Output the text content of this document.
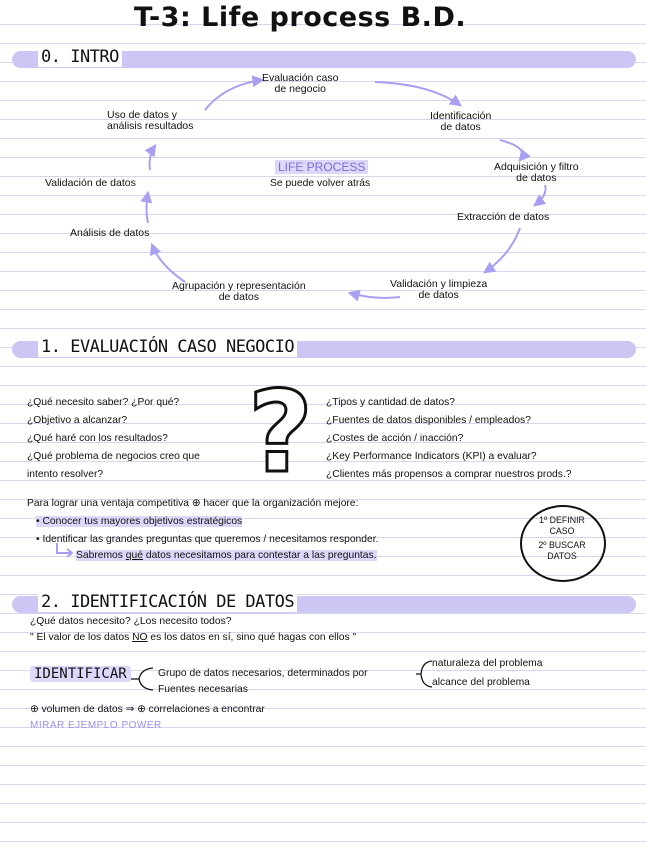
T-3: Life process B.D.
0. INTRO
Evaluación caso
de negocio
Identificación
de datos
Adquisición y filtro
de datos
Extracción de datos
Validación y limpieza
de datos
Agrupación y representación
de datos
Análisis de datos
Validación de datos
Uso de datos y
análisis resultados
LIFE PROCESS
Se puede volver atrás
1. EVALUACIÓN CASO NEGOCIO
¿Qué necesito saber? ¿Por qué?
¿Objetivo a alcanzar?
¿Qué haré con los resultados?
¿Qué problema de negocios creo que
intento resolver?	? ¿Tipos y cantidad de datos?
¿Fuentes de datos disponibles / empleados?
¿Costes de acción / inacción?
¿Key Performance Indicators (KPI) a evaluar?
¿Clientes más propensos a comprar nuestros prods.?
Para lograr una ventaja competitiva ⊕ hacer que la organización mejore:
• Conocer tus mayores objetivos estratégicos
• Identificar las grandes preguntas que queremos / necesitamos responder.
Sabremos qué datos necesitamos para contestar a las preguntas.
1º DEFINIR
CASO
2º BUSCAR
DATOS
2. IDENTIFICACIÓN DE DATOS
¿Qué datos necesito? ¿Los necesito todos?
" El valor de los datos NO es los datos en sí, sino qué hagas con ellos "
IDENTIFICAR	Grupo de datos necesarios, determinados por
Fuentes necesarias
naturaleza del problema
alcance del problema
⊕ volumen de datos ⇒ ⊕ correlaciones a encontrar
MIRAR EJEMPLO POWER
